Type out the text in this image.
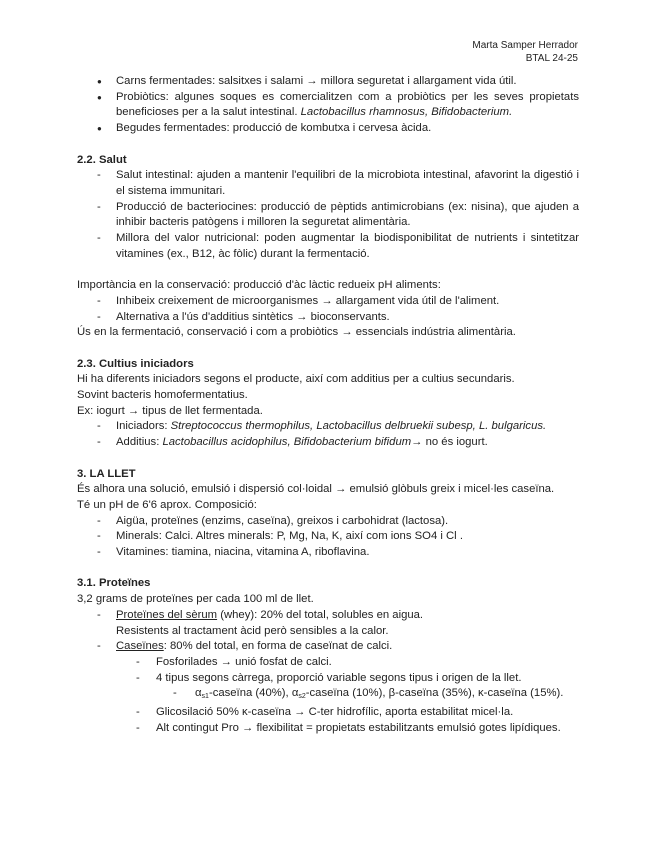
Marta Samper Herrador
BTAL 24-25
● Carns fermentades: salsitxes i salami → millora seguretat i allargament vida útil.
● Probiòtics: algunes soques es comercialitzen com a probiòtics per les seves propietats beneficioses per a la salut intestinal. Lactobacillus rhamnosus, Bifidobacterium.
● Begudes fermentades: producció de kombutxa i cervesa àcida.
2.2. Salut
- Salut intestinal: ajuden a mantenir l'equilibri de la microbiota intestinal, afavorint la digestió i el sistema immunitari.
- Producció de bacteriocines: producció de pèptids antimicrobians (ex: nisina), que ajuden a inhibir bacteris patògens i milloren la seguretat alimentària.
- Millora del valor nutricional: poden augmentar la biodisponibilitat de nutrients i sintetitzar vitamines (ex., B12, àc fòlic) durant la fermentació.
Importància en la conservació: producció d'àc làctic redueix pH aliments:
- Inhibeix creixement de microorganismes → allargament vida útil de l'aliment.
- Alternativa a l'ús d'additius sintètics → bioconservants.
Ús en la fermentació, conservació i com a probiòtics → essencials indústria alimentària.
2.3. Cultius iniciadors
Hi ha diferents iniciadors segons el producte, així com additius per a cultius secundaris.
Sovint bacteris homofermentatius.
Ex: iogurt → tipus de llet fermentada.
- Iniciadors: Streptococcus thermophilus, Lactobacillus delbruekii subesp, L. bulgaricus.
- Additius: Lactobacillus acidophilus, Bifidobacterium bifidum→ no és iogurt.
3. LA LLET
És alhora una solució, emulsió i dispersió col·loidal → emulsió glòbuls greix i micel·les caseïna.
Té un pH de 6'6 aprox. Composició:
- Aigüa, proteïnes (enzims, caseïna), greixos i carbohidrat (lactosa).
- Minerals: Calci. Altres minerals: P, Mg, Na, K, així com ions SO4 i Cl .
- Vitamines: tiamina, niacina, vitamina A, riboflavina.
3.1. Proteïnes
3,2 grams de proteïnes per cada 100 ml de llet.
- Proteïnes del sèrum (whey): 20% del total, solubles en aigua.
Resistents al tractament àcid però sensibles a la calor.
- Caseïnes: 80% del total, en forma de caseïnat de calci.
- Fosforilades → unió fosfat de calci.
- 4 tipus segons càrrega, proporció variable segons tipus i origen de la llet.
- $\alpha_{s1}$-caseïna (40%), $\alpha_{s2}$-caseïna (10%), β-caseïna (35%), κ-caseïna (15%).
- Glicosilació 50% κ-caseïna → C-ter hidrofílic, aporta estabilitat micel·la.
- Alt contingut Pro → flexibilitat = propietats estabilitzants emulsió gotes lipídiques.
